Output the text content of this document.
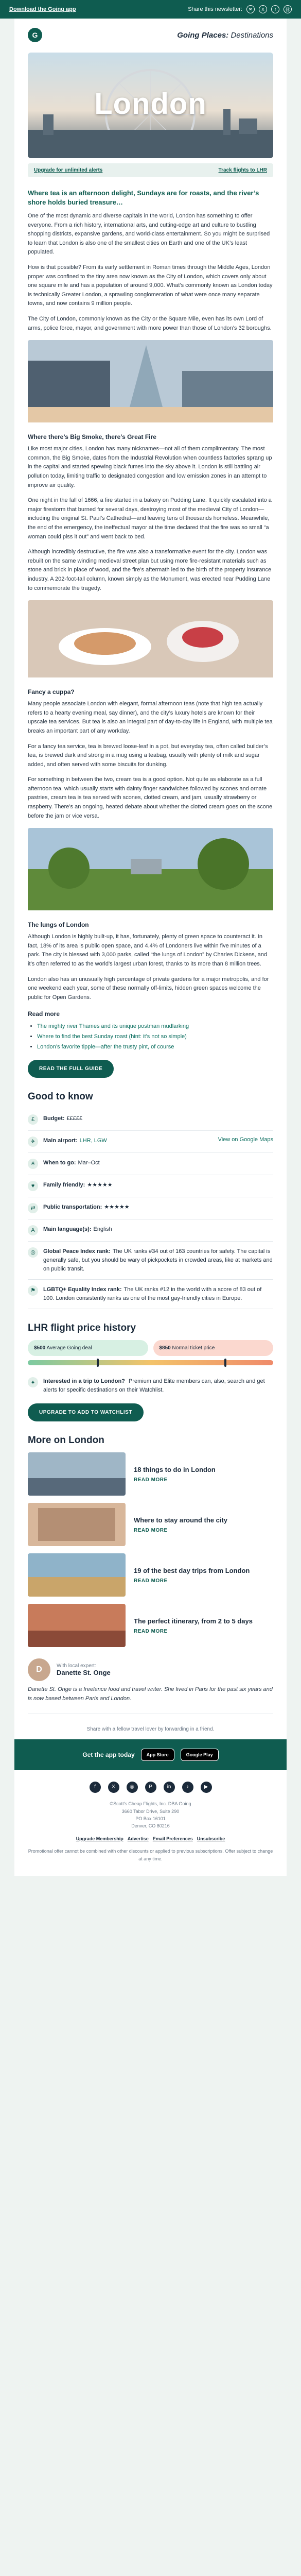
Download the Going app	Share this newsletter:	✉	X	f	⛓
G	Going Places: Destinations
London
Upgrade for unlimited alerts	Track flights to LHR
Where tea is an afternoon delight, Sundays are for roasts, and the river’s shore holds buried treasure…

One of the most dynamic and diverse capitals in the world, London has something to offer everyone. From a rich history, international arts, and cutting-edge art and culture to bustling shopping districts, expansive gardens, and world-class entertainment. So you might be surprised to learn that London is also one of the smallest cities on Earth and one of the UK’s least populated.

How is that possible? From its early settlement in Roman times through the Middle Ages, London proper was confined to the tiny area now known as the City of London, which covers only about one square mile and has a population of around 9,000. What’s commonly known as London today is technically Greater London, a sprawling conglomeration of what were once many separate towns, and now contains 9 million people.

The City of London, commonly known as the City or the Square Mile, even has its own Lord of arms, police force, mayor, and government with more power than those of London’s 32 boroughs.

Where there’s Big Smoke, there’s Great Fire

Like most major cities, London has many nicknames—not all of them complimentary. The most common, the Big Smoke, dates from the Industrial Revolution when countless factories sprang up in the capital and started spewing black fumes into the sky above it. London is still battling air pollution today, limiting traffic to designated congestion and low emission zones in an attempt to improve air quality.

One night in the fall of 1666, a fire started in a bakery on Pudding Lane. It quickly escalated into a major firestorm that burned for several days, destroying most of the medieval City of London—including the original St. Paul’s Cathedral—and leaving tens of thousands homeless. Meanwhile, the end of the emergency, the ineffectual mayor at the time declared that the fire was so small “a woman could piss it out” and went back to bed.

Although incredibly destructive, the fire was also a transformative event for the city. London was rebuilt on the same winding medieval street plan but using more fire-resistant materials such as stone and brick in place of wood, and the fire’s aftermath led to the birth of the property insurance industry. A 202-foot-tall column, known simply as the Monument, was erected near Pudding Lane to commemorate the tragedy.

Fancy a cuppa?

Many people associate London with elegant, formal afternoon teas (note that high tea actually refers to a hearty evening meal, say dinner), and the city’s luxury hotels are known for their upscale tea services. But tea is also an integral part of day-to-day life in England, with multiple tea breaks an important part of any workday.

For a fancy tea service, tea is brewed loose-leaf in a pot, but everyday tea, often called builder’s tea, is brewed dark and strong in a mug using a teabag, usually with plenty of milk and sugar added, and often served with some biscuits for dunking.

For something in between the two, cream tea is a good option. Not quite as elaborate as a full afternoon tea, which usually starts with dainty finger sandwiches followed by scones and ornate pastries, cream tea is tea served with scones, clotted cream, and jam, usually strawberry or raspberry. There’s an ongoing, heated debate about whether the clotted cream goes on the scone before the jam or vice versa.

The lungs of London

Although London is highly built-up, it has, fortunately, plenty of green space to counteract it. In fact, 18% of its area is public open space, and 4.4% of Londoners live within five minutes of a park. The city is blessed with 3,000 parks, called “the lungs of London” by Charles Dickens, and it’s often referred to as the world’s largest urban forest, thanks to its more than 8 million trees.

London also has an unusually high percentage of private gardens for a major metropolis, and for one weekend each year, some of these normally off-limits, hidden green spaces welcome the public for Open Gardens.

Read more
• The mighty river Thames and its unique postman mudlarking
• Where to find the best Sunday roast (hint: it’s not so simple)
• London’s favorite tipple—after the trusty pint, of course
READ THE FULL GUIDE
Good to know
£	Budget: £££££
✈	Main airport: LHR, LGW	View on Google Maps
☀	When to go: Mar–Oct
♥	Family friendly: ★★★★★
⇄	Public transportation: ★★★★★
A	Main language(s): English
◎	Global Peace Index rank: The UK ranks #34 out of 163 countries for safety. The capital is generally safe, but you should be wary of pickpockets in crowded areas, like at markets and on public transit.
⚑	LGBTQ+ Equality Index rank: The UK ranks #12 in the world with a score of 83 out of 100. London consistently ranks as one of the most gay-friendly cities in Europe.
LHR flight price history
$500 Average Going deal	$850 Normal ticket price
✦	Interested in a trip to London? Premium and Elite members can, also, search and get alerts for specific destinations on their Watchlist.
UPGRADE TO ADD TO WATCHLIST
More on London
18 things to do in London
READ MORE
Where to stay around the city
READ MORE
19 of the best day trips from London
READ MORE
The perfect itinerary, from 2 to 5 days
READ MORE
D	With local expert:
Danette St. Onge

Danette St. Onge is a freelance food and travel writer. She lived in Paris for the past six years and is now based between Paris and London.

Share with a fellow travel lover by forwarding in a friend.
Get the app today	App Store	Google Play
f	X	◎	P	in	♪	▶
©Scott's Cheap Flights, Inc. DBA Going
3660 Tabor Drive, Suite 290
PO Box 16101
Denver, CO 80216
Upgrade Membership Advertise Email Preferences Unsubscribe
Promotional offer cannot be combined with other discounts or applied to previous subscriptions. Offer subject to change at any time.
